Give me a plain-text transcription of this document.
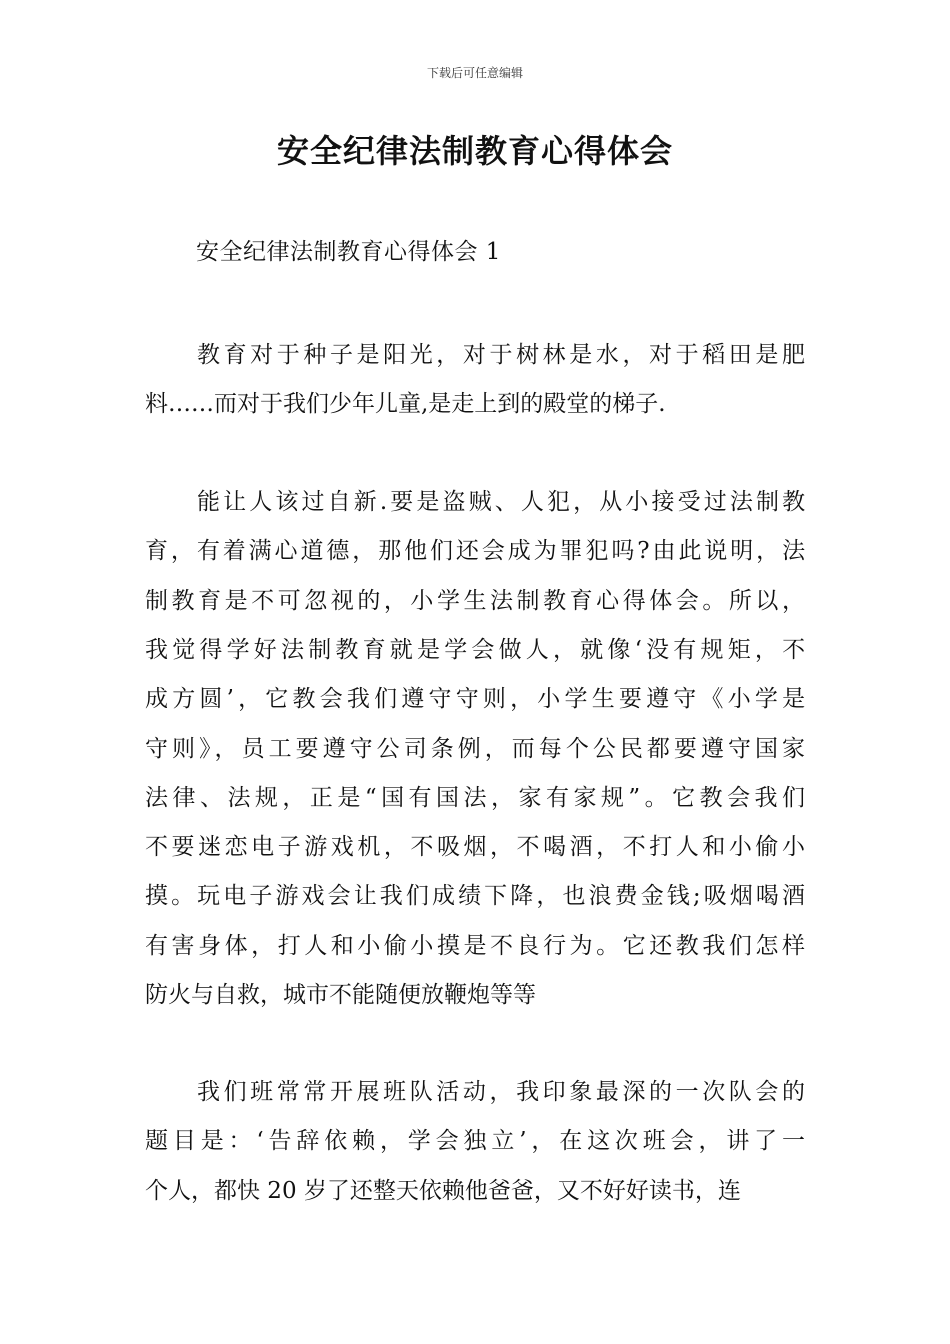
下载后可任意编辑
安全纪律法制教育心得体会
安全纪律法制教育心得体会 1
教育对于种子是阳光，对于树林是水，对于稻田是肥
料……而对于我们少年儿童,是走上到的殿堂的梯子.
能让人该过自新.要是盗贼、人犯，从小接受过法制教
育，有着满心道德，那他们还会成为罪犯吗?由此说明，法
制教育是不可忽视的，小学生法制教育心得体会。所以，
我觉得学好法制教育就是学会做人，就像‘没有规矩，不
成方圆’，它教会我们遵守守则，小学生要遵守《小学是
守则》，员工要遵守公司条例，而每个公民都要遵守国家
法律、法规，正是“国有国法，家有家规”。它教会我们
不要迷恋电子游戏机，不吸烟，不喝酒，不打人和小偷小
摸。玩电子游戏会让我们成绩下降，也浪费金钱;吸烟喝酒
有害身体，打人和小偷小摸是不良行为。它还教我们怎样
防火与自救，城市不能随便放鞭炮等等
我们班常常开展班队活动，我印象最深的一次队会的
题目是：‘告辞依赖，学会独立’，在这次班会，讲了一
个人，都快 20 岁了还整天依赖他爸爸，又不好好读书，连
